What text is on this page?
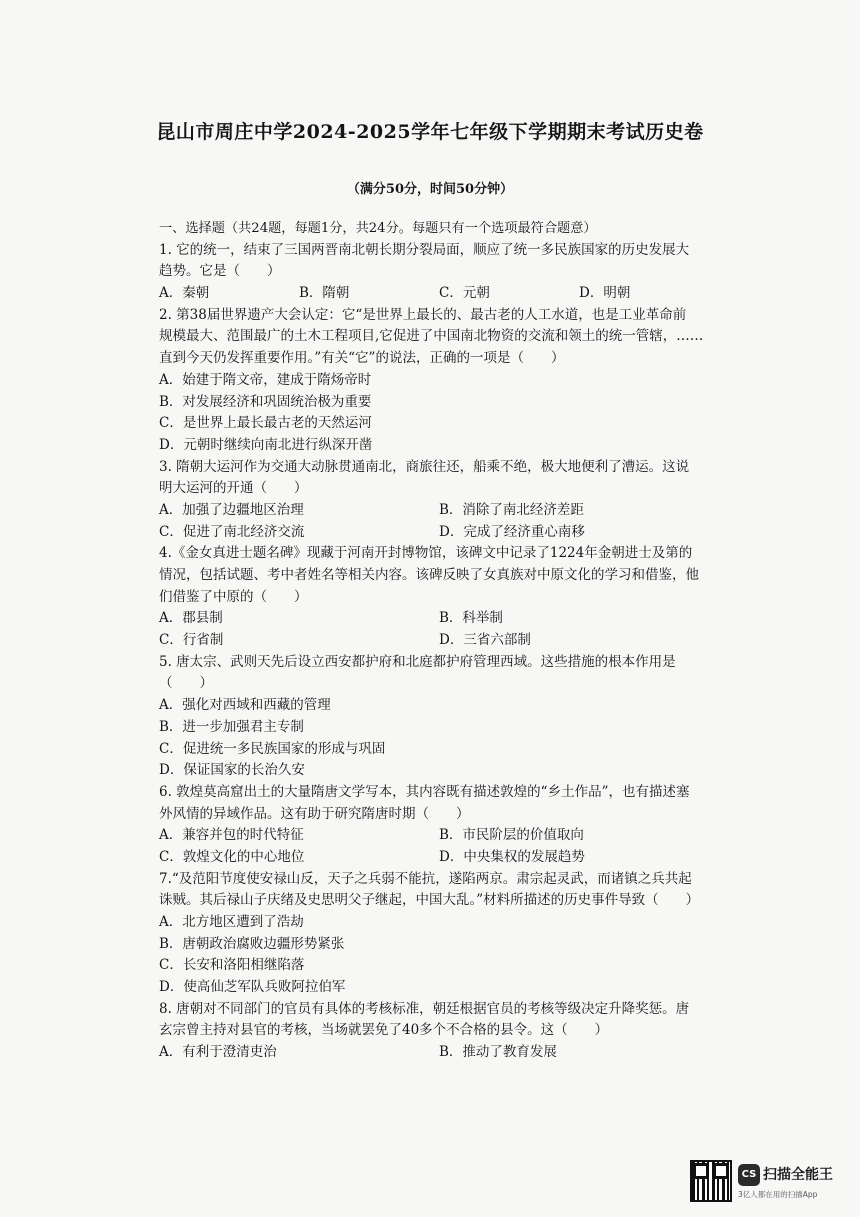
昆山市周庄中学2024-2025学年七年级下学期期末考试历史卷
（满分50分，时间50分钟）
一、选择题（共24题，每题1分，共24分。每题只有一个选项最符合题意）
1. 它的统一，结束了三国两晋南北朝长期分裂局面，顺应了统一多民族国家的历史发展大
趋势。它是（　　）
A．秦朝	B．隋朝	C．元朝	D．明朝
2. 第38届世界遗产大会认定：它“是世界上最长的、最古老的人工水道，也是工业革命前
规模最大、范围最广的土木工程项目,它促进了中国南北物资的交流和领土的统一管辖，……
直到今天仍发挥重要作用。”有关“它”的说法，正确的一项是（　　）
A．始建于隋文帝，建成于隋炀帝时
B．对发展经济和巩固统治极为重要
C．是世界上最长最古老的天然运河
D．元朝时继续向南北进行纵深开凿
3. 隋朝大运河作为交通大动脉贯通南北，商旅往还，船乘不绝，极大地便利了漕运。这说
明大运河的开通（　　）
A．加强了边疆地区治理	B．消除了南北经济差距
C．促进了南北经济交流	D．完成了经济重心南移
4.《金女真进士题名碑》现藏于河南开封博物馆，该碑文中记录了1224年金朝进士及第的
情况，包括试题、考中者姓名等相关内容。该碑反映了女真族对中原文化的学习和借鉴，他
们借鉴了中原的（　　）
A．郡县制	B．科举制
C．行省制	D．三省六部制
5. 唐太宗、武则天先后设立西安都护府和北庭都护府管理西域。这些措施的根本作用是
（　　）
A．强化对西域和西藏的管理
B．进一步加强君主专制
C．促进统一多民族国家的形成与巩固
D．保证国家的长治久安
6. 敦煌莫高窟出土的大量隋唐文学写本，其内容既有描述敦煌的“乡土作品”，也有描述塞
外风情的异域作品。这有助于研究隋唐时期（　　）
A．兼容并包的时代特征	B．市民阶层的价值取向
C．敦煌文化的中心地位	D．中央集权的发展趋势
7.“及范阳节度使安禄山反，天子之兵弱不能抗，遂陷两京。肃宗起灵武，而诸镇之兵共起
诛贼。其后禄山子庆绪及史思明父子继起，中国大乱。”材料所描述的历史事件导致（　　）
A．北方地区遭到了浩劫
B．唐朝政治腐败边疆形势紧张
C．长安和洛阳相继陷落
D．使高仙芝军队兵败阿拉伯军
8. 唐朝对不同部门的官员有具体的考核标准，朝廷根据官员的考核等级决定升降奖惩。唐
玄宗曾主持对县官的考核，当场就罢免了40多个不合格的县令。这（　　）
A．有利于澄清吏治	B．推动了教育发展
CS 扫描全能王
3亿人都在用的扫描App
